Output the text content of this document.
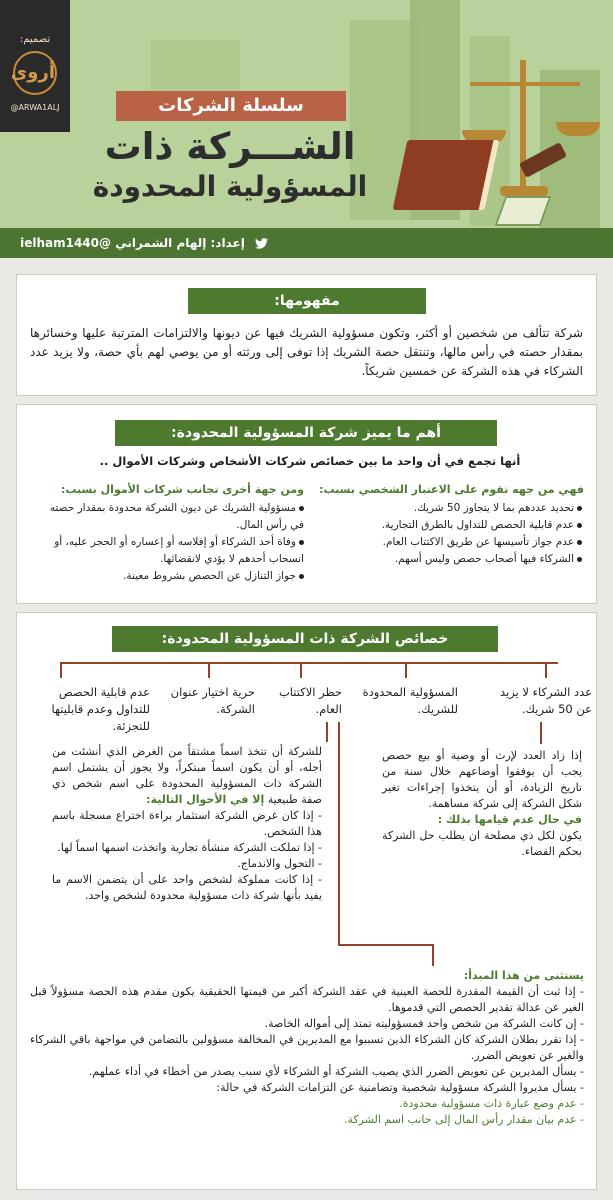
تصميم:
أروى
@ARWA1ALJ	سلسلة الشركات
الشـــركة ذات
المسؤولية المحدودة
إعداد: إلهام الشمراني @ielham1440
مفهومها:
شركة تتألف من شخصين أو أكثر، وتكون مسؤولية الشريك فيها عن ديونها والالتزامات المترتبة عليها وخسائرها بمقدار حصته في رأس مالها، وتنتقل حصة الشريك إذا توفى إلى ورثته أو من يوصي لهم بأي حصة، ولا يزيد عدد الشركاء في هذه الشركة عن خمسين شريكاً.
أهم ما يميز شركة المسؤولية المحدودة:
أنها تجمع في أن واحد ما بين خصائص شركات الأشخاص وشركات الأموال ..
فهي من جهه تقوم على الاعتبار الشخصي بسبب:
تحديد عددهم بما لا يتجاوز 50 شريك.
عدم قابلية الحصص للتداول بالطرق التجارية.
عدم جواز تأسيسها عن طريق الاكتتاب العام.
الشركاء فيها أصحاب حصص وليس أسهم.
ومن جهة أخرى تجانب شركات الأموال بسبب:
مسؤولية الشريك عن ديون الشركة محدودة بمقدار حصته في رأس المال.
وفاة أحد الشركاء أو إفلاسه أو إعساره أو الحجر عليه، أو انسحاب أحدهم لا يؤدي لانقضائها.
جواز التنازل عن الحصص بشروط معينة.
خصائص الشركة ذات المسؤولية المحدودة:
عدد الشركاء لا يزيد عن 50 شريك.
المسؤولية المحدودة للشريك.
حظر الاكتتاب العام.
حرية اختيار عنوان الشركة.
عدم قابلية الحصص للتداول وعدم قابليتها للتجزئة.

إذا زاد العدد لإرث أو وصية أو بيع حصص يجب أن يوفقوا أوضاعهم خلال سنة من تاريخ الزيادة، أو أن يتخذوا إجراءات تغير شكل الشركة إلى شركة مساهمة.

في حال عدم قيامها بذلك :

يكون لكل ذي مصلحة ان يطلب حل الشركة بحكم القضاء.

للشركة أن تتخذ اسماً مشتقاً من الغرض الذي أنشئت من أجله، أو أن يكون اسماً مبتكراً، ولا يجوز أن يشتمل اسم الشركة ذات المسؤولية المحدودة على اسم شخص ذي صفة طبيعية إلا في الأحوال التالية:

- إذا كان غرض الشركة استثمار براءة اختراع مسجلة باسم هذا الشخص.

- إذا تملكت الشركة منشأة تجارية واتخذت اسمها اسماً لها.

- التحول والاندماج.

- إذا كانت مملوكة لشخص واحد على أن يتضمن الاسم ما يفيد بأنها شركة ذات مسؤولية محدودة لشخص واحد.

يستثنى من هذا المبدأ:

- إذا ثبت أن القيمة المقدرة للحصة العينية في عقد الشركة أكبر من قيمتها الحقيقية يكون مقدم هذه الحصة مسؤولاً قبل الغير عن عدالة تقدير الحصص التي قدموها.

- إن كانت الشركة من شخص واحد فمسؤوليته تمتد إلى أمواله الخاصة.

- إذا تقرر بطلان الشركة كان الشركاء الذين تسببوا مع المديرين في المخالفة مسؤولين بالتضامن في مواجهة باقي الشركاء والغير عن تعويض الضرر.

- يسأل المديرين عن تعويض الضرر الذي يصيب الشركة أو الشركاء لأي سبب يصدر من أخطاء في أداء عملهم.

- يسأل مديروا الشركة مسؤولية شخصية وتضامنية عن التزامات الشركة في حالة:

- عدم وضع عبارة ذات مسؤولية محدودة.

- عدم بيان مقدار رأس المال إلى جانب اسم الشركة.
